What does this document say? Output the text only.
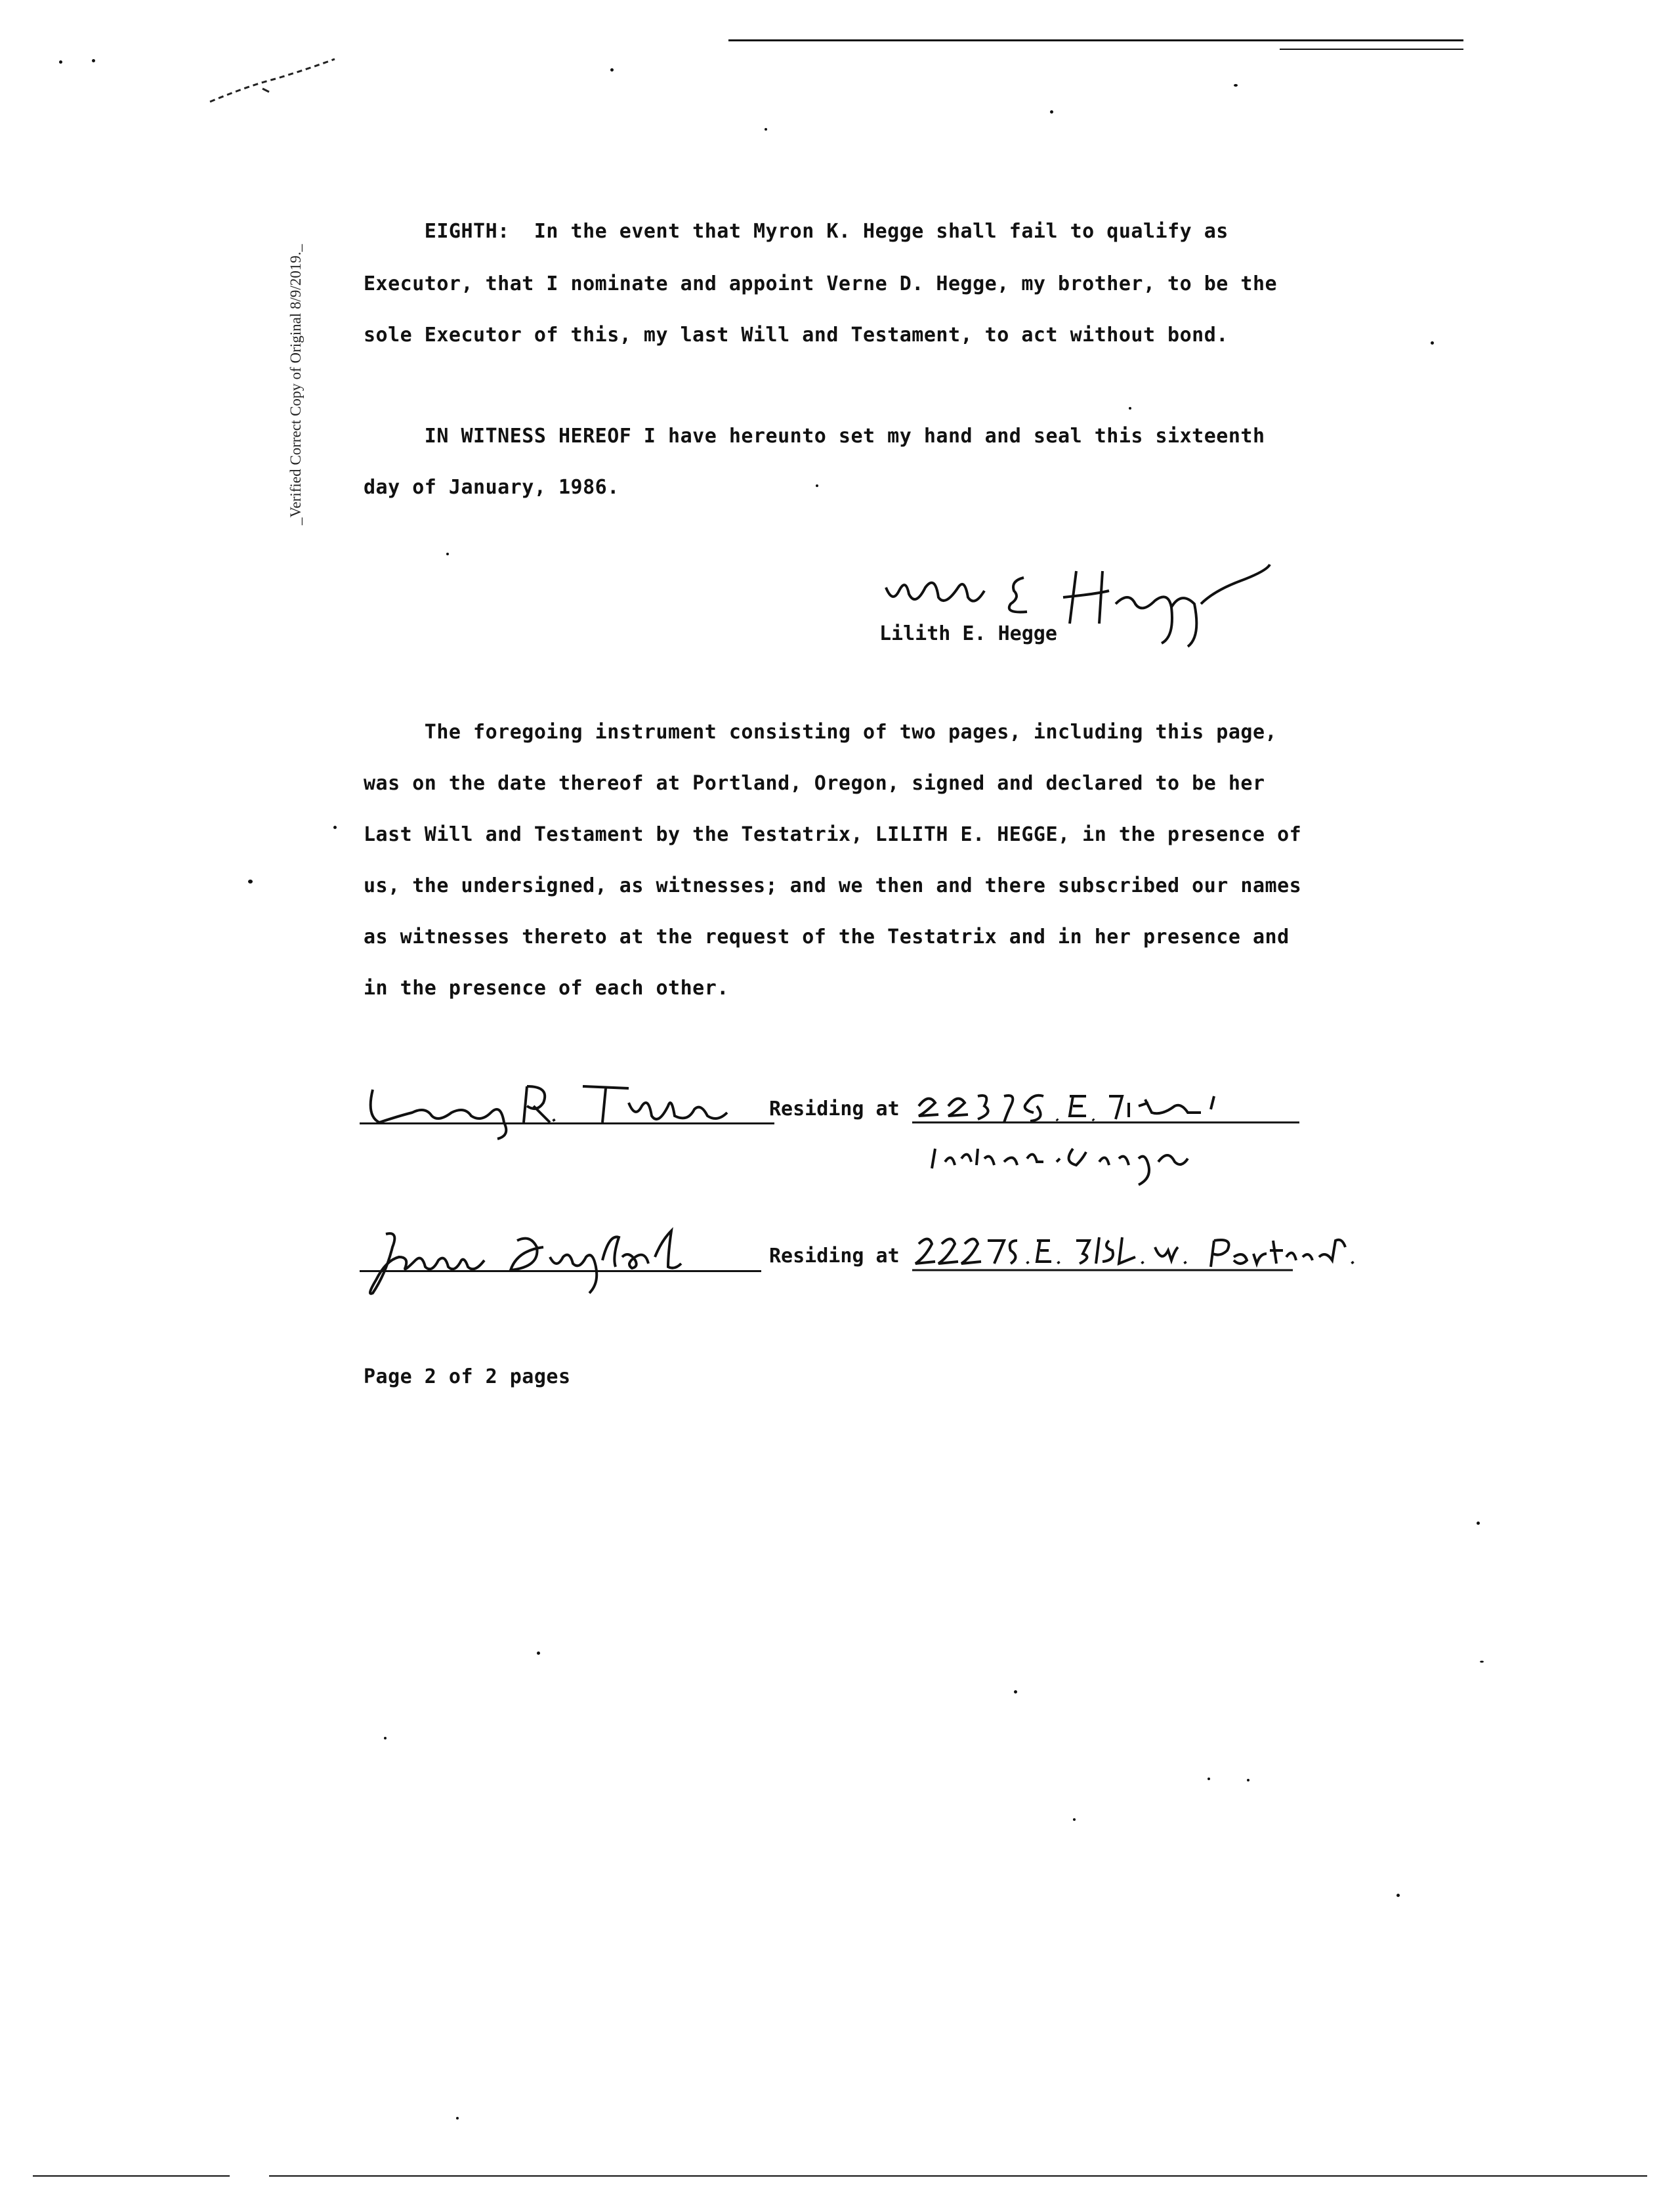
_Verified Correct Copy of Original 8/9/2019._
EIGHTH:  In the event that Myron K. Hegge shall fail to qualify as
Executor, that I nominate and appoint Verne D. Hegge, my brother, to be the
sole Executor of this, my last Will and Testament, to act without bond.
IN WITNESS HEREOF I have hereunto set my hand and seal this sixteenth
day of January, 1986.
Lilith E. Hegge
The foregoing instrument consisting of two pages, including this page,
was on the date thereof at Portland, Oregon, signed and declared to be her
Last Will and Testament by the Testatrix, LILITH E. HEGGE, in the presence of
us, the undersigned, as witnesses; and we then and there subscribed our names
as witnesses thereto at the request of the Testatrix and in her presence and
in the presence of each other.
Residing at
Residing at
Page 2 of 2 pages
